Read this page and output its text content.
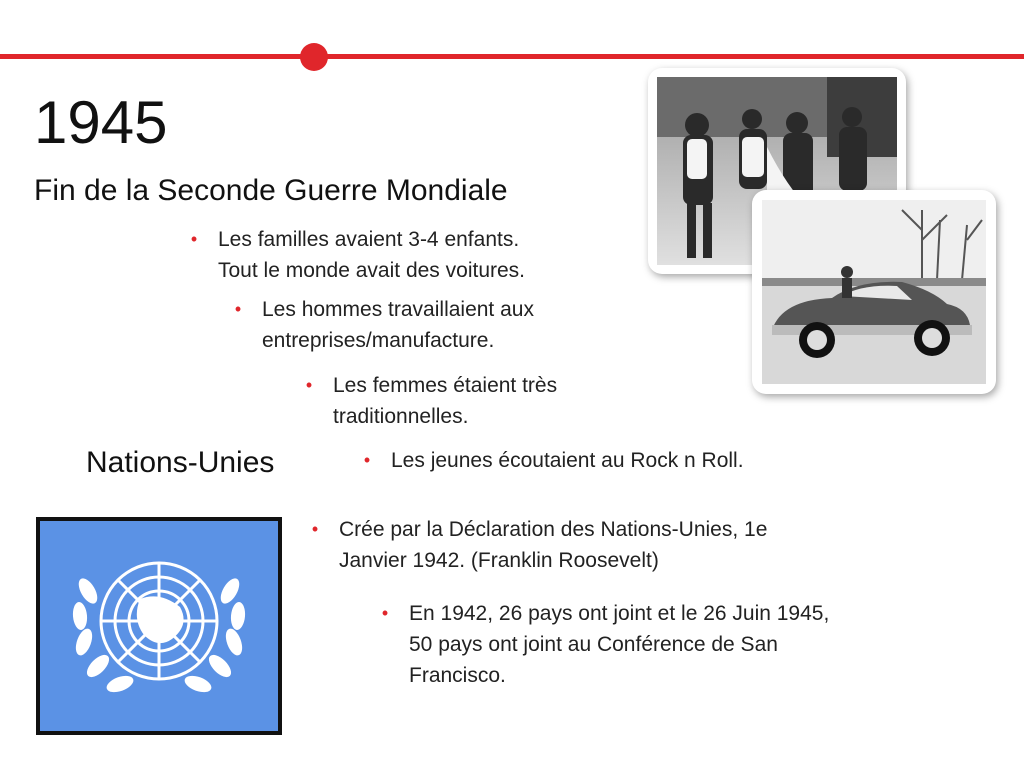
1945
Fin de la Seconde Guerre Mondiale
• Les familles avaient 3-4 enfants.
Tout le monde avait des voitures.
• Les hommes travaillaient aux
entreprises/manufacture.
• Les femmes étaient très
traditionnelles.
• Les jeunes écoutaient au Rock n Roll.
Nations-Unies
• Crée par la Déclaration des Nations-Unies, 1e
Janvier 1942. (Franklin Roosevelt)
• En 1942, 26 pays ont joint et le 26 Juin 1945,
50 pays ont joint au Conférence de San
Francisco.
